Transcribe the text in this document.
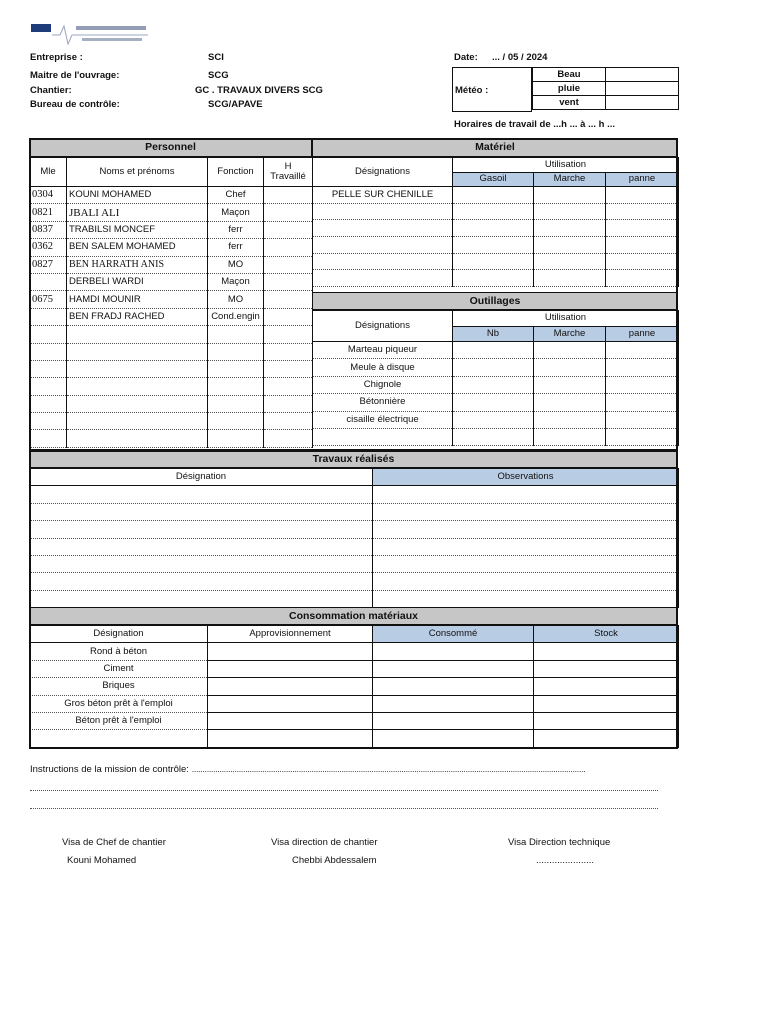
Entreprise :	SCI
Maitre de l'ouvrage:	SCG
Chantier:	GC . TRAVAUX DIVERS SCG
Bureau de contrôle:	SCG/APAVE
Date: ... / 05 / 2024
Météo :
Beau	
pluie	
vent	
Horaires de travail de ...h ... à ... h ...
Personnel
Mle	Noms et prénoms	Fonction	H Travaillé
0304	KOUNI MOHAMED	Chef	
0821	JBALI ALI	Maçon	
0837	TRABILSI MONCEF	ferr	
0362	BEN SALEM MOHAMED	ferr	
0827	BEN HARRATH ANIS	MO	
	DERBELI WARDI	Maçon	
0675	HAMDI MOUNIR	MO	
	BEN FRADJ RACHED	Cond.engin	

Matériel
Désignations	Utilisation		
	Gasoil	Marche	panne
PELLE SUR CHENILLE			

Outillages
Désignations	Utilisation		
	Nb	Marche	panne
Marteau piqueur			
Meule à disque			
Chignole			
Bétonnière			
cisaille électrique			

Travaux réalisés
Désignation	Observations

Consommation matériaux
Désignation	Approvisionnement	Consommé	Stock
Rond à béton			
Ciment			
Briques			
Gros béton prêt à l'emploi			
Béton prêt à l'emploi			

Instructions de la mission de contrôle: ........................................................................................................................................................................................
Visa de Chef de chantier
Kouni Mohamed
Visa direction de chantier
Chebbi Abdessalem
Visa Direction technique
......................
